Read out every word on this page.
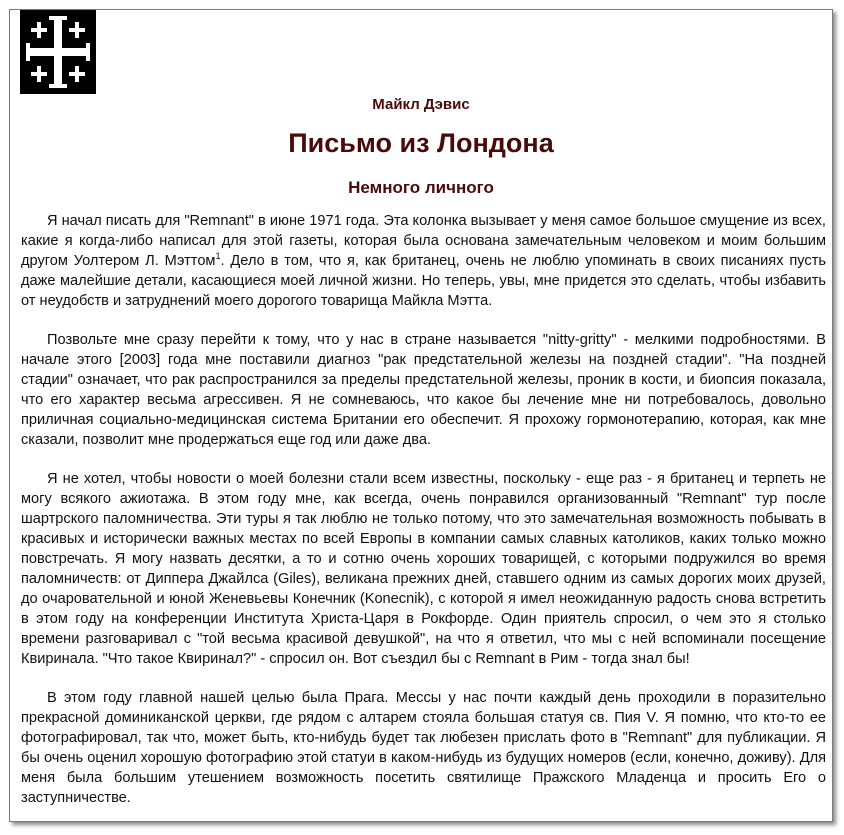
Майкл Дэвис
Письмо из Лондона
Немного личного

Я начал писать для "Remnant" в июне 1971 года. Эта колонка вызывает у меня самое большое смущение из всех, какие я когда-либо написал для этой газеты, которая была основана замечательным человеком и моим большим другом Уолтером Л. Мэттом$^1$. Дело в том, что я, как британец, очень не люблю упоминать в своих писаниях пусть даже малейшие детали, касающиеся моей личной жизни. Но теперь, увы, мне придется это сделать, чтобы избавить от неудобств и затруднений моего дорогого товарища Майкла Мэтта.

Позвольте мне сразу перейти к тому, что у нас в стране называется "nitty-gritty" - мелкими подробностями. В начале этого [2003] года мне поставили диагноз "рак предстательной железы на поздней стадии". "На поздней стадии" означает, что рак распространился за пределы предстательной железы, проник в кости, и биопсия показала, что его характер весьма агрессивен. Я не сомневаюсь, что какое бы лечение мне ни потребовалось, довольно приличная социально-медицинская система Британии его обеспечит. Я прохожу гормонотерапию, которая, как мне сказали, позволит мне продержаться еще год или даже два.

Я не хотел, чтобы новости о моей болезни стали всем известны, поскольку - еще раз - я британец и терпеть не могу всякого ажиотажа. В этом году мне, как всегда, очень понравился организованный "Remnant" тур после шартрского паломничества. Эти туры я так люблю не только потому, что это замечательная возможность побывать в красивых и исторически важных местах по всей Европы в компании самых славных католиков, каких только можно повстречать. Я могу назвать десятки, а то и сотню очень хороших товарищей, с которыми подружился во время паломничеств: от Диппера Джайлса (Giles), великана прежних дней, ставшего одним из самых дорогих моих друзей, до очаровательной и юной Женевьевы Конечник (Konecnik), с которой я имел неожиданную радость снова встретить в этом году на конференции Института Христа-Царя в Рокфорде. Один приятель спросил, о чем это я столько времени разговаривал с "той весьма красивой девушкой", на что я ответил, что мы с ней вспоминали посещение Квиринала. "Что такое Квиринал?" - спросил он. Вот съездил бы с Remnant в Рим - тогда знал бы!

В этом году главной нашей целью была Прага. Мессы у нас почти каждый день проходили в поразительно прекрасной доминиканской церкви, где рядом с алтарем стояла большая статуя св. Пия V. Я помню, что кто-то ее фотографировал, так что, может быть, кто-нибудь будет так любезен прислать фото в "Remnant" для публикации. Я бы очень оценил хорошую фотографию этой статуи в каком-нибудь из будущих номеров (если, конечно, доживу). Для меня была большим утешением возможность посетить святилище Пражского Младенца и просить Его о заступничестве.
